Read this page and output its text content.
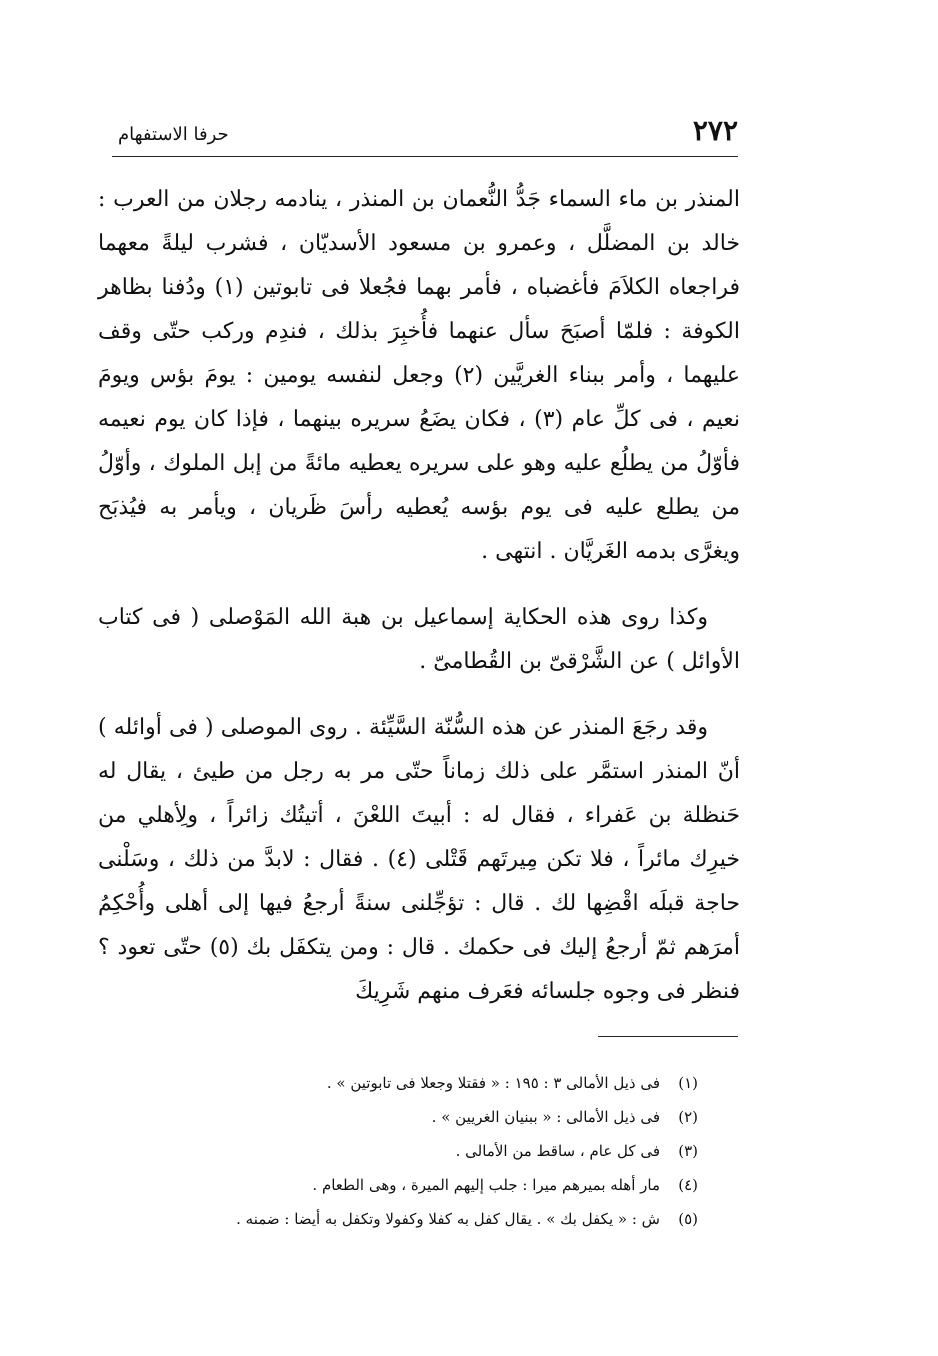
٢٧٢
حرفا الاستفهام

المنذر بن ماء السماء جَدُّ النُّعمان بن المنذر ، ينادمه رجلان من العرب : خالد بن المضلَّل ، وعمرو بن مسعود الأسديّان ، فشرب ليلةً معهما فراجعاه الكلاَمَ فأغضباه ، فأمر بهما فجُعلا فى تابوتين (١) ودُفنا بظاهر الكوفة : فلمّا أصبَحَ سأل عنهما فأُخبِرَ بذلك ، فندِم وركب حتّى وقف عليهما ، وأمر ببناء الغريَّين (٢) وجعل لنفسه يومين : يومَ بؤس ويومَ نعيم ، فى كلِّ عام (٣) ، فكان يضَعُ سريره بينهما ، فإذا كان يوم نعيمه فأوّلُ من يطلُع عليه وهو على سريره يعطيه مائةً من إبل الملوك ، وأوّلُ من يطلع عليه فى يوم بؤسه يُعطيه رأسَ ظَريان ، ويأمر به فيُذبَح ويغرَّى بدمه الغَريَّان . انتهى .

وكذا روى هذه الحكاية إسماعيل بن هبة الله المَوْصلى ( فى كتاب الأوائل ) عن الشَّرْقىّ بن القُطامىّ .

وقد رجَعَ المنذر عن هذه السُّنّة السَّيِّئة . روى الموصلى ( فى أوائله ) أنّ المنذر استمَّر على ذلك زماناً حتّى مر به رجل من طيئ ، يقال له حَنظلة بن عَفراء ، فقال له : أبيتَ اللعْنَ ، أتيتُك زائراً ، ولِأهلي من خيرِك مائراً ، فلا تكن مِيرتَهم قَتْلى (٤) . فقال : لابدَّ من ذلك ، وسَلْنى حاجة قبلَه اقْضِها لك . قال : تؤجِّلنى سنةً أرجعُ فيها إلى أهلى وأُحْكِمُ أمرَهم ثمّ أرجعُ إليك فى حكمك . قال : ومن يتكفَل بك (٥) حتّى تعود ؟ فنظر فى وجوه جلسائه فعَرف منهم شَرِيكَ

(١)
فى ذيل الأمالى ٣ : ١٩٥ : « فقتلا وجعلا فى تابوتين » .
(٢)
فى ذيل الأمالى : « ببنيان الغريين » .
(٣)
فى كل عام ، ساقط من الأمالى .
(٤)
مار أهله بميرهم ميرا : جلب إليهم الميرة ، وهى الطعام .
(٥)
ش : « يكفل بك » . يقال كفل به كفلا وكفولا وتكفل به أيضا : ضمنه .
